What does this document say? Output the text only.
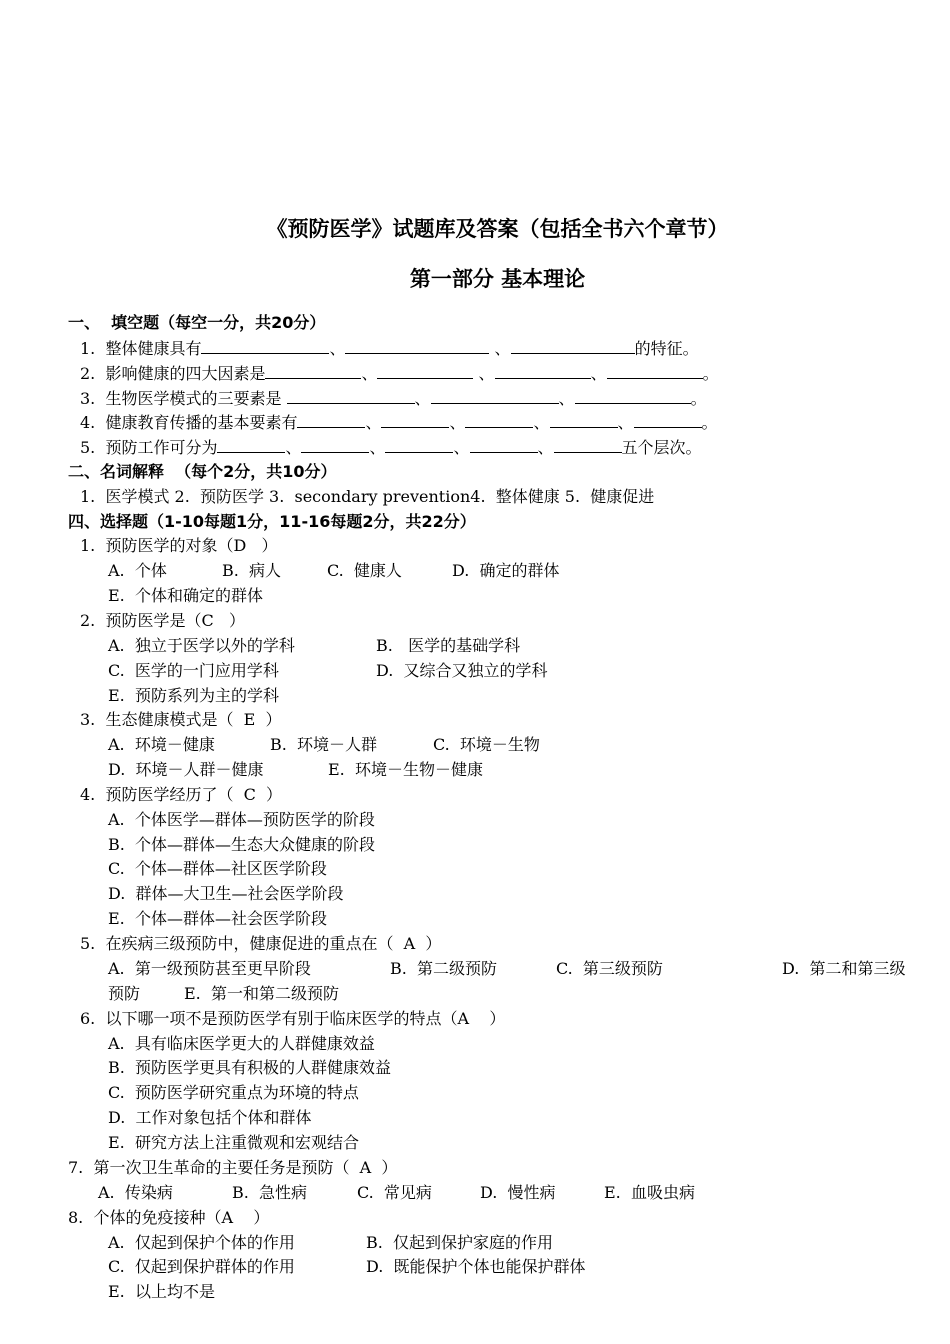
《预防医学》试题库及答案（包括全书六个章节）
第一部分 基本理论
一、  填空题（每空一分，共20分）
1.  整体健康具有	、	、	的特征。
2.  影响健康的四大因素是	、	、	、	。
3.  生物医学模式的三要素是	、	、	。
4.  健康教育传播的基本要素有	、	、	、	、	。
5.  预防工作可分为	、	、	、	、	五个层次。
二、名词解释  （每个2分，共10分）
1.  医学模式 2.  预防医学 3.  secondary prevention4.  整体健康 5.  健康促进
四、选择题（1-10每题1分，11-16每题2分，共22分）
1.  预防医学的对象（D   ）
A.  个体	B.  病人	C.  健康人	D.  确定的群体
E.  个体和确定的群体
2.  预防医学是（C   ）
A.  独立于医学以外的学科	B.   医学的基础学科
C.  医学的一门应用学科	D.  又综合又独立的学科
E.  预防系列为主的学科
3.  生态健康模式是（  E  ）
A.  环境－健康	B.  环境－人群	C.  环境－生物
D.  环境－人群－健康	E.  环境－生物－健康
4.  预防医学经历了（  C  ）
A.  个体医学—群体—预防医学的阶段
B.  个体—群体—生态大众健康的阶段
C.  个体—群体—社区医学阶段
D.  群体—大卫生—社会医学阶段
E.  个体—群体—社会医学阶段
5.  在疾病三级预防中，健康促进的重点在（  A  ）
A.  第一级预防甚至更早阶段	B.  第二级预防	C.  第三级预防	D.  第二和第三级
预防	E.  第一和第二级预防
6.  以下哪一项不是预防医学有别于临床医学的特点（A    ）
A.  具有临床医学更大的人群健康效益
B.  预防医学更具有积极的人群健康效益
C.  预防医学研究重点为环境的特点
D.  工作对象包括个体和群体
E.  研究方法上注重微观和宏观结合
7.  第一次卫生革命的主要任务是预防（  A  ）
A.  传染病	B.  急性病	C.  常见病	D.  慢性病	E.  血吸虫病
8.  个体的免疫接种（A    ）
A.  仅起到保护个体的作用	B.  仅起到保护家庭的作用
C.  仅起到保护群体的作用	D.  既能保护个体也能保护群体
E.  以上均不是
